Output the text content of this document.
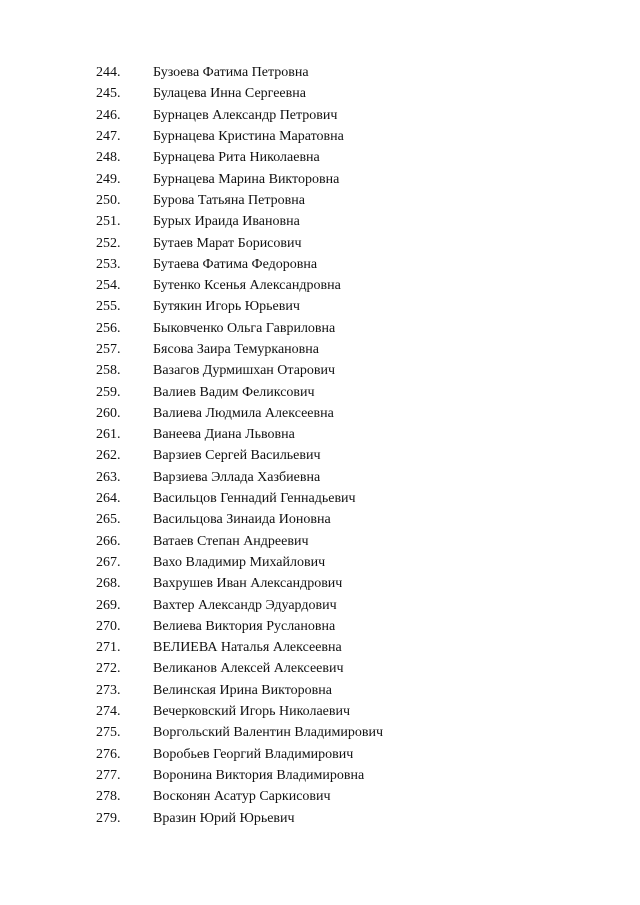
244.	Бузоева Фатима Петровна
245.	Булацева Инна Сергеевна
246.	Бурнацев Александр Петрович
247.	Бурнацева Кристина Маратовна
248.	Бурнацева Рита Николаевна
249.	Бурнацева Марина Викторовна
250.	Бурова Татьяна Петровна
251.	Бурых Ираида Ивановна
252.	Бутаев Марат Борисович
253.	Бутаева Фатима Федоровна
254.	Бутенко Ксенья Александровна
255.	Бутякин Игорь Юрьевич
256.	Быковченко Ольга Гавриловна
257.	Бясова Заира Темуркановна
258.	Вазагов Дурмишхан Отарович
259.	Валиев Вадим Феликсович
260.	Валиева Людмила Алексеевна
261.	Ванеева Диана Львовна
262.	Варзиев Сергей Васильевич
263.	Варзиева Эллада Хазбиевна
264.	Васильцов Геннадий Геннадьевич
265.	Васильцова Зинаида Ионовна
266.	Ватаев Степан Андреевич
267.	Вахо Владимир Михайлович
268.	Вахрушев Иван Александрович
269.	Вахтер Александр Эдуардович
270.	Велиева Виктория Руслановна
271.	ВЕЛИЕВА Наталья Алексеевна
272.	Великанов Алексей Алексеевич
273.	Велинская Ирина Викторовна
274.	Вечерковский Игорь Николаевич
275.	Воргольский Валентин Владимирович
276.	Воробьев Георгий Владимирович
277.	Воронина Виктория Владимировна
278.	Восконян Асатур Саркисович
279.	Вразин Юрий Юрьевич
